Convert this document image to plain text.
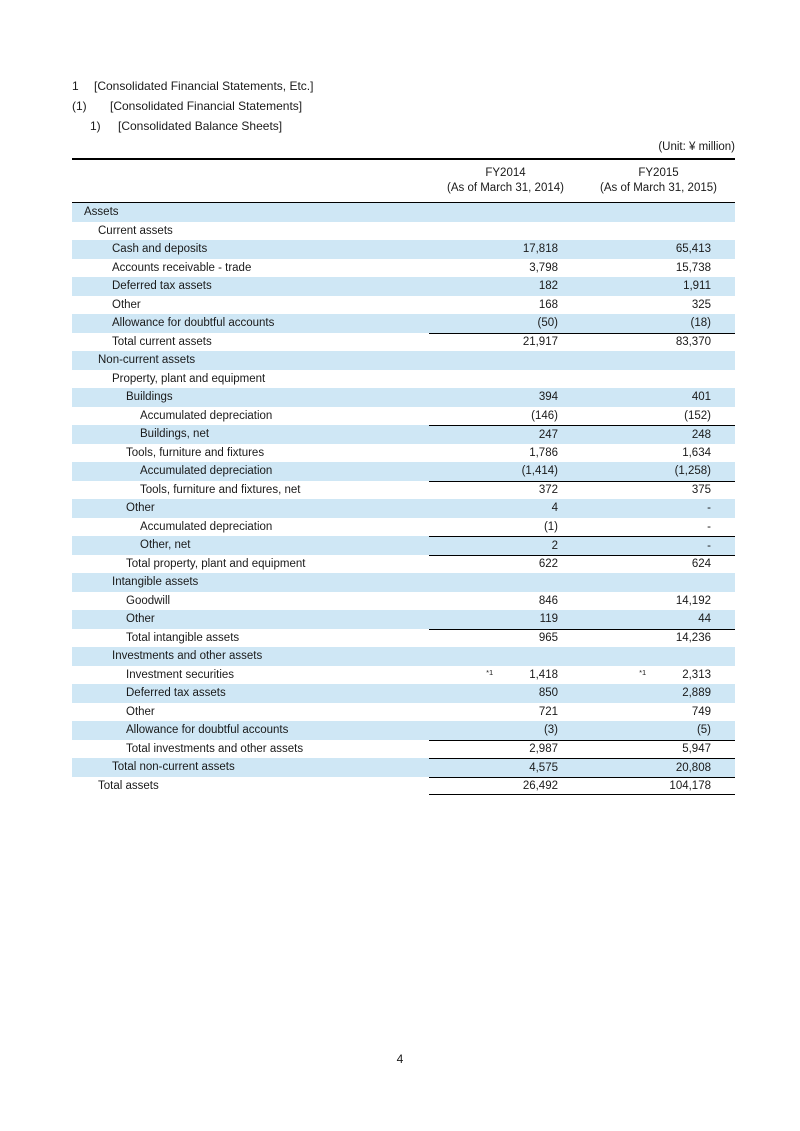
1	[Consolidated Financial Statements, Etc.]
(1)	[Consolidated Financial Statements]
1)	[Consolidated Balance Sheets]
(Unit: ¥ million)
FY2014
(As of March 31, 2014)
FY2015
(As of March 31, 2015)
Assets
Current assets
Cash and deposits	17,818	65,413
Accounts receivable - trade	3,798	15,738
Deferred tax assets	182	1,911
Other	168	325
Allowance for doubtful accounts	(50)	(18)
Total current assets	21,917	83,370
Non-current assets
Property, plant and equipment
Buildings	394	401
Accumulated depreciation	(146)	(152)
Buildings, net	247	248
Tools, furniture and fixtures	1,786	1,634
Accumulated depreciation	(1,414)	(1,258)
Tools, furniture and fixtures, net	372	375
Other	4	-
Accumulated depreciation	(1)	-
Other, net	2	-
Total property, plant and equipment	622	624
Intangible assets
Goodwill	846	14,192
Other	119	44
Total intangible assets	965	14,236
Investments and other assets
Investment securities	*1	1,418	*1	2,313
Deferred tax assets	850	2,889
Other	721	749
Allowance for doubtful accounts	(3)	(5)
Total investments and other assets	2,987	5,947
Total non-current assets	4,575	20,808
Total assets	26,492	104,178
4
